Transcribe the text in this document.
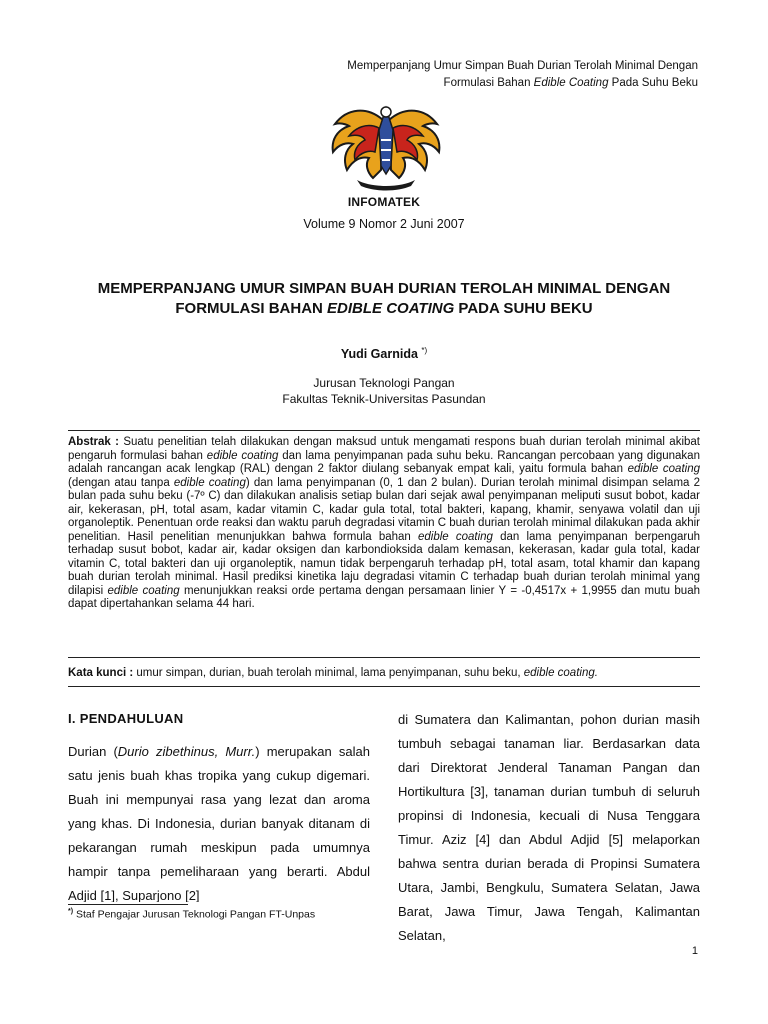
Memperpanjang Umur Simpan Buah Durian Terolah Minimal Dengan
Formulasi Bahan Edible Coating Pada Suhu Beku
INFOMATEK
Volume 9 Nomor 2 Juni 2007
MEMPERPANJANG UMUR SIMPAN BUAH DURIAN TEROLAH MINIMAL DENGAN
FORMULASI BAHAN EDIBLE COATING PADA SUHU BEKU
Yudi Garnida *)
Jurusan Teknologi Pangan
Fakultas Teknik-Universitas Pasundan
Abstrak : Suatu penelitian telah dilakukan dengan maksud untuk mengamati respons buah durian terolah minimal akibat pengaruh formulasi bahan edible coating dan lama penyimpanan pada suhu beku. Rancangan percobaan yang digunakan adalah rancangan acak lengkap (RAL) dengan 2 faktor diulang sebanyak empat kali, yaitu formula bahan edible coating (dengan atau tanpa edible coating) dan lama penyimpanan (0, 1 dan 2 bulan). Durian terolah minimal disimpan selama 2 bulan pada suhu beku (-7º C) dan dilakukan analisis setiap bulan dari sejak awal penyimpanan meliputi susut bobot, kadar air, kekerasan, pH, total asam, kadar vitamin C, kadar gula total, total bakteri, kapang, khamir, senyawa volatil dan uji organoleptik. Penentuan orde reaksi dan waktu paruh degradasi vitamin C buah durian terolah minimal dilakukan pada akhir penelitian. Hasil penelitian menunjukkan bahwa formula bahan edible coating dan lama penyimpanan berpengaruh terhadap susut bobot, kadar air, kadar oksigen dan karbondioksida dalam kemasan, kekerasan, kadar gula total, kadar vitamin C, total bakteri dan uji organoleptik, namun tidak berpengaruh terhadap pH, total asam, total khamir dan kapang buah durian terolah minimal. Hasil prediksi kinetika laju degradasi vitamin C terhadap buah durian terolah minimal yang dilapisi edible coating menunjukkan reaksi orde pertama dengan persamaan linier Y = -0,4517x + 1,9955 dan mutu buah dapat dipertahankan selama 44 hari.
Kata kunci : umur simpan, durian, buah terolah minimal, lama penyimpanan, suhu beku, edible coating.
I. PENDAHULUAN
Durian (Durio zibethinus, Murr.) merupakan salah satu jenis buah khas tropika yang cukup digemari. Buah ini mempunyai rasa yang lezat dan aroma yang khas. Di Indonesia, durian banyak ditanam di pekarangan rumah meskipun pada umumnya hampir tanpa pemeliharaan yang berarti. Abdul Adjid [1], Suparjono [2]
di Sumatera dan Kalimantan, pohon durian masih tumbuh sebagai tanaman liar. Berdasarkan data dari Direktorat Jenderal Tanaman Pangan dan Hortikultura [3], tanaman durian tumbuh di seluruh propinsi di Indonesia, kecuali di Nusa Tenggara Timur. Aziz [4] dan Abdul Adjid [5] melaporkan bahwa sentra durian berada di Propinsi Sumatera Utara, Jambi, Bengkulu, Sumatera Selatan, Jawa Barat, Jawa Timur, Jawa Tengah, Kalimantan Selatan,
*) Staf Pengajar Jurusan Teknologi Pangan FT-Unpas
1
